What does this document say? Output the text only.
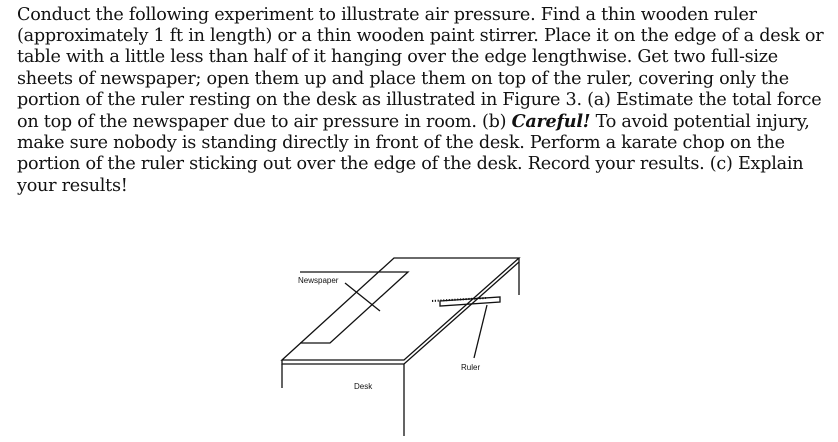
Conduct the following experiment to illustrate air pressure. Find a thin wooden ruler (approximately 1 ft in length) or a thin wooden paint stirrer. Place it on the edge of a desk or table with a little less than half of it hanging over the edge lengthwise. Get two full-size sheets of newspaper; open them up and place them on top of the ruler, covering only the portion of the ruler resting on the desk as illustrated in Figure 3. (a) Estimate the total force on top of the newspaper due to air pressure in room. (b) Careful! To avoid potential injury, make sure nobody is standing directly in front of the desk. Perform a karate chop on the portion of the ruler sticking out over the edge of the desk. Record your results. (c) Explain your results!

Newspaper
Ruler
Desk
